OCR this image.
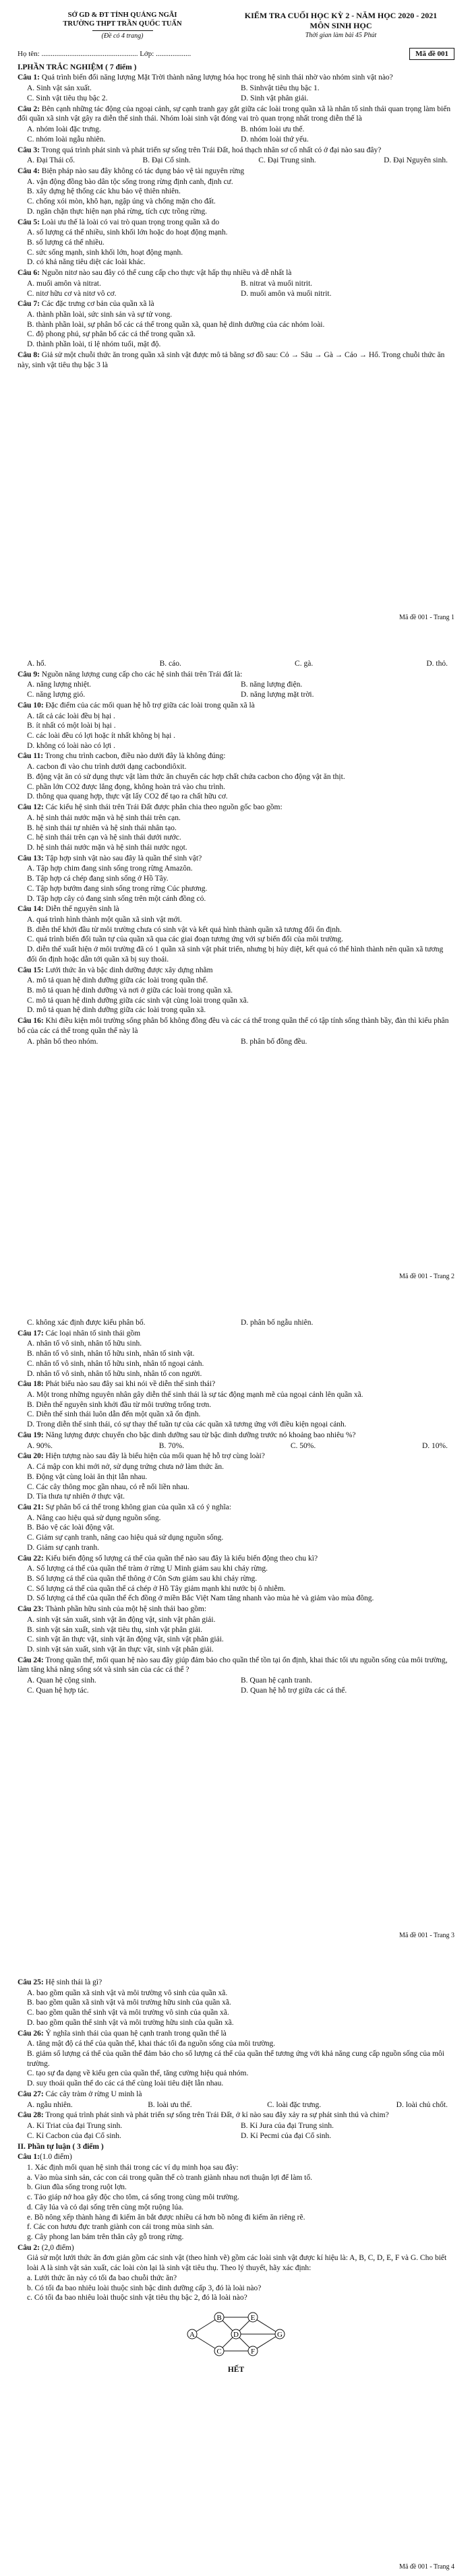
SỞ GD & ĐT TỈNH QUẢNG NGÃI
TRƯỜNG THPT TRẦN QUỐC TUẤN
(Đề có 4 trang)
KIỂM TRA CUỐI HỌC KỲ 2 - NĂM HỌC 2020 - 2021
MÔN SINH HỌC
Thời gian làm bài 45 Phút
Họ tên: .................................................... Lớp: ...................	Mã đề 001
I.PHẦN TRẮC NGHIỆM ( 7 điểm )
Câu 1: Quá trình biến đổi năng lượng Mặt Trời thành năng lượng hóa học trong hệ sinh thái nhờ vào nhóm sinh vật nào?
A. Sinh vật sản xuất.	B. Sinhvật tiêu thụ bậc 1.
C. Sinh vật tiêu thụ bậc 2.	D. Sinh vật phân giải.
Câu 2: Bên cạnh những tác động của ngoại cảnh, sự cạnh tranh gay gắt giữa các loài trong quần xã là nhân tố sinh thái quan trọng làm biến đổi quần xã sinh vật gây ra diễn thế sinh thái. Nhóm loài sinh vật đóng vai trò quan trọng nhất trong diễn thế là
A. nhóm loài đặc trưng.	B. nhóm loài ưu thế.
C. nhóm loài ngẫu nhiên.	D. nhóm loài thứ yếu.
Câu 3: Trong quá trình phát sinh và phát triển sự sống trên Trái Đất, hoá thạch nhân sơ cổ nhất có ở đại nào sau đây?
A. Đại Thái cổ.	B. Đại Cổ sinh.	C. Đại Trung sinh.	D. Đại Nguyên sinh.
Câu 4: Biện pháp nào sau đây không có tác dụng bảo vệ tài nguyên rừng
A. vận động đồng bào dân tộc sống trong rừng định canh, định cư.
B. xây dựng hệ thống các khu bảo vệ thiên nhiên.
C. chống xói mòn, khô hạn, ngập úng và chống mặn cho đất.
D. ngăn chặn thực hiện nạn phá rừng, tích cực trồng rừng.
Câu 5: Loài ưu thế là loài có vai trò quan trọng trong quần xã do
A. số lượng cá thể nhiều, sinh khối lớn hoặc do hoạt động mạnh.
B. số lượng cá thể nhiều.
C. sức sống mạnh, sinh khối lớn, hoạt động mạnh.
D. có khả năng tiêu diệt các loài khác.
Câu 6: Nguồn nitơ nào sau đây có thể cung cấp cho thực vật hấp thụ nhiều và dễ nhất là
A. muối amôn và nitrat.	B. nitrat và muối nitrit.
C. nitơ hữu cơ và nitơ vô cơ.	D. muối amôn và muối nitrit.
Câu 7: Các đặc trưng cơ bản của quần xã là
A. thành phần loài, sức sinh sản và sự tử vong.
B. thành phần loài, sự phân bố các cá thể trong quần xã, quan hệ dinh dưỡng của các nhóm loài.
C. độ phong phú, sự phân bố các cá thể trong quần xã.
D. thành phần loài, tỉ lệ nhóm tuổi, mật độ.
Câu 8: Giả sử một chuỗi thức ăn trong quần xã sinh vật được mô tả bằng sơ đồ sau: Cỏ → Sâu → Gà → Cáo → Hổ. Trong chuỗi thức ăn này, sinh vật tiêu thụ bậc 3 là
Mã đề 001 - Trang 1
A. hổ.	B. cáo.	C. gà.	D. thỏ.
Câu 9: Nguồn năng lượng cung cấp cho các hệ sinh thái trên Trái đất là:
A. năng lượng nhiệt.	B. năng lượng điện.
C. năng lượng gió.	D. năng lượng mặt trời.
Câu 10: Đặc điểm của các mối quan hệ hỗ trợ giữa các loài trong quần xã là
A. tất cả các loài đều bị hại .
B. ít nhất có một loài bị hại .
C. các loài đều có lợi hoặc ít nhất không bị hại .
D. không có loài nào có lợi .
Câu 11: Trong chu trình cacbon, điều nào dưới đây là không đúng:
A. cacbon đi vào chu trình dưới dạng cacbondiôxit.
B. động vật ăn cỏ sử dụng thực vật làm thức ăn chuyển các hợp chất chứa cacbon cho động vật ăn thịt.
C. phần lớn CO2 được lắng đọng, không hoàn trả vào chu trình.
D. thông qua quang hợp, thực vật lấy CO2 để tạo ra chất hữu cơ.
Câu 12: Các kiểu hệ sinh thái trên Trái Đất được phân chia theo nguồn gốc bao gồm:
A. hệ sinh thái nước mặn và hệ sinh thái trên cạn.
B. hệ sinh thái tự nhiên và hệ sinh thái nhân tạo.
C. hệ sinh thái trên cạn và hệ sinh thái dưới nước.
D. hệ sinh thái nước mặn và hệ sinh thái nước ngọt.
Câu 13: Tập hợp sinh vật nào sau đây là quần thể sinh vật?
A. Tập hợp chim đang sinh sống trong rừng Amazôn.
B. Tập hợp cá chép đang sinh sống ở Hồ Tây.
C. Tập hợp bướm đang sinh sống trong rừng Cúc phương.
D. Tập hợp cây cỏ đang sinh sống trên một cánh đồng cỏ.
Câu 14: Diễn thế nguyên sinh là
A. quá trình hình thành một quần xã sinh vật mới.
B. diễn thế khởi đầu từ môi trường chưa có sinh vật và kết quả hình thành quần xã tương đối ổn định.
C. quá trình biến đổi tuần tự của quần xã qua các giai đoạn tương ứng với sự biến đổi của môi trường.
D. diễn thế xuất hiện ở môi trường đã có 1 quần xã sinh vật phát triển, nhưng bị hủy diệt, kết quả có thể hình thành nên quần xã tương đối ổn định hoặc dẫn tới quần xã bị suy thoái.
Câu 15: Lưới thức ăn và bậc dinh dưỡng được xây dựng nhằm
A. mô tả quan hệ dinh dưỡng giữa các loài trong quần thể.
B. mô tả quan hệ dinh dưỡng và nơi ở giữa các loài trong quần xã.
C. mô tả quan hệ dinh dưỡng giữa các sinh vật cùng loài trong quần xã.
D. mô tả quan hệ dinh dưỡng giữa các loài trong quần xã.
Câu 16: Khi điều kiện môi trường sống phân bố không đồng đều và các cá thể trong quần thể có tập tính sống thành bầy, đàn thì kiểu phân bố của các cá thể trong quần thể này là
A. phân bố theo nhóm.	B. phân bố đồng đều.
Mã đề 001 - Trang 2
C. không xác định được kiểu phân bố.	D. phân bố ngẫu nhiên.
Câu 17: Các loại nhân tố sinh thái gồm
A. nhân tố vô sinh, nhân tố hữu sinh.
B. nhân tố vô sinh, nhân tố hữu sinh, nhân tố sinh vật.
C. nhân tố vô sinh, nhân tố hữu sinh, nhân tố ngoại cảnh.
D. nhân tố vô sinh, nhân tố hữu sinh, nhân tố con người.
Câu 18: Phát biểu nào sau đây sai khi nói về diễn thế sinh thái?
A. Một trong những nguyên nhân gây diễn thế sinh thái là sự tác động mạnh mẽ của ngoại cảnh lên quần xã.
B. Diễn thế nguyên sinh khởi đầu từ môi trường trống trơn.
C. Diễn thế sinh thái luôn dẫn đến một quần xã ổn định.
D. Trong diễn thế sinh thái, có sự thay thế tuần tự của các quần xã tương ứng với điều kiện ngoại cảnh.
Câu 19: Năng lượng được chuyển cho bậc dinh dưỡng sau từ bậc dinh dưỡng trước nó khoảng bao nhiêu %?
A. 90%.	B. 70%.	C. 50%.	D. 10%.
Câu 20: Hiện tượng nào sau đây là biểu hiện của mối quan hệ hỗ trợ cùng loài?
A. Cá mập con khi mới nở, sử dụng trứng chưa nở làm thức ăn.
B. Động vật cùng loài ăn thịt lẫn nhau.
C. Các cây thông mọc gần nhau, có rễ nối liền nhau.
D. Tỉa thưa tự nhiên ở thực vật.
Câu 21: Sự phân bố cá thể trong không gian của quần xã có ý nghĩa:
A. Nâng cao hiệu quả sử dụng nguồn sống.
B. Bảo vệ các loài động vật.
C. Giảm sự cạnh tranh, nâng cao hiệu quả sử dụng nguồn sống.
D. Giảm sự cạnh tranh.
Câu 22: Kiểu biến động số lượng cá thể của quần thể nào sau đây là kiểu biến động theo chu kì?
A. Số lượng cá thể của quần thể tràm ở rừng U Minh giảm sau khi cháy rừng.
B. Số lượng cá thể của quần thể thông ở Côn Sơn giảm sau khi cháy rừng.
C. Số lượng cá thể của quần thể cá chép ở Hồ Tây giảm mạnh khi nước bị ô nhiễm.
D. Số lượng cá thể của quần thể ếch đồng ở miền Bắc Việt Nam tăng nhanh vào mùa hè và giảm vào mùa đông.
Câu 23: Thành phần hữu sinh của một hệ sinh thái bao gồm:
A. sinh vật sản xuất, sinh vật ăn động vật, sinh vật phân giải.
B. sinh vật sản xuất, sinh vật tiêu thụ, sinh vật phân giải.
C. sinh vật ăn thực vật, sinh vật ăn động vật, sinh vật phân giải.
D. sinh vật sản xuất, sinh vật ăn thực vật, sinh vật phân giải.
Câu 24: Trong quần thể, mối quan hệ nào sau đây giúp đảm bảo cho quần thể tồn tại ổn định, khai thác tối ưu nguồn sống của môi trường, làm tăng khả năng sống sót và sinh sản của các cá thể ?
A. Quan hệ cộng sinh.	B. Quan hệ cạnh tranh.
C. Quan hệ hợp tác.	D. Quan hệ hỗ trợ giữa các cá thể.
Mã đề 001 - Trang 3
Câu 25: Hệ sinh thái là gì?
A. bao gồm quần xã sinh vật và môi trường vô sinh của quần xã.
B. bao gồm quần xã sinh vật và môi trường hữu sinh của quần xã.
C. bao gồm quần thể sinh vật và môi trường vô sinh của quần xã.
D. bao gồm quần thể sinh vật và môi trường hữu sinh của quần xã.
Câu 26: Ý nghĩa sinh thái của quan hệ cạnh tranh trong quần thể là
A. tăng mật độ cá thể của quần thể, khai thác tối đa nguồn sống của môi trường.
B. giảm số lượng cá thể của quần thể đảm bảo cho số lượng cá thể của quần thể tương ứng với khả năng cung cấp nguồn sống của môi trường.
C. tạo sự đa dạng về kiểu gen của quần thể, tăng cường hiệu quả nhóm.
D. suy thoái quần thể do các cá thể cùng loài tiêu diệt lẫn nhau.
Câu 27: Các cây tràm ở rừng U minh là
A. ngẫu nhiên.	B. loài ưu thế.	C. loài đặc trưng.	D. loài chủ chốt.
Câu 28: Trong quá trình phát sinh và phát triển sự sống trên Trái Đất, ở kỉ nào sau đây xảy ra sự phát sinh thú và chim?
A. Kỉ Triat của đại Trung sinh.	B. Kỉ Jura của đại Trung sinh.
C. Kỉ Cacbon của đại Cổ sinh.	D. Kỉ Pecmi của đại Cổ sinh.
II. Phần tự luận ( 3 điểm )
Câu 1:(1.0 điểm)
1. Xác định mối quan hệ sinh thái trong các ví dụ minh họa sau đây:
a. Vào mùa sinh sản, các con cái trong quần thể cò tranh giành nhau nơi thuận lợi để làm tổ.
b. Giun đũa sống trong ruột lợn.
c. Tảo giáp nở hoa gây độc cho tôm, cá sống trong cùng môi trường.
d. Cây lúa và cỏ dại sống trên cùng một ruộng lúa.
e. Bồ nông xếp thành hàng đi kiếm ăn bắt được nhiều cá hơn bồ nông đi kiếm ăn riêng rẽ.
f. Các con hươu đực tranh giành con cái trong mùa sinh sản.
g. Cây phong lan bám trên thân cây gỗ trong rừng.
Câu 2: (2,0 điểm)
Giả sử một lưới thức ăn đơn giản gồm các sinh vật (theo hình vẽ) gồm các loài sinh vật được kí hiệu là: A, B, C, D, E, F và G. Cho biết loài A là sinh vật sản xuất, các loài còn lại là sinh vật tiêu thụ. Theo lý thuyết, hãy xác định:
a. Lưới thức ăn này có tối đa bao chuỗi thức ăn?
b. Có tối đa bao nhiêu loài thuộc sinh bậc dinh dưỡng cấp 3, đó là loài nào?
c. Có tối đa bao nhiêu loài thuộc sinh vật tiêu thụ bậc 2, đó là loài nào?
A
B
C
D
E
F
G
HẾT
Mã đề 001 - Trang 4
